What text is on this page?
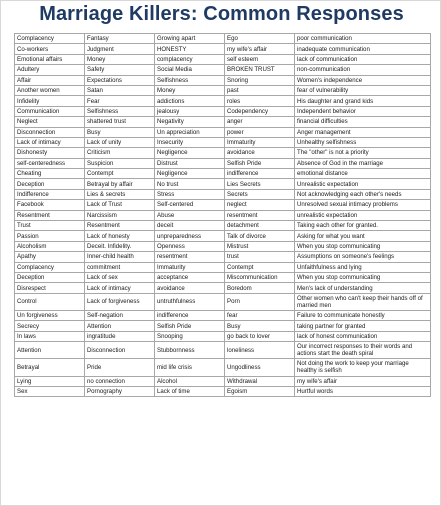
Marriage Killers: Common Responses
Complacency	Fantasy	Growing apart	Ego	poor communication
Co-workers	Judgment	HONESTY	my wife's affair	inadequate communication
Emotional affairs	Money	complacency	self esteem	lack of communication
Adultery	Safety	Social Media	BROKEN TRUST	non-communication
Affair	Expectations	Selfishness	Snoring	Women's independence
Another women	Satan	Money	past	fear of vulnerability
Infidelity	Fear	addictions	roles	His daughter and grand kids
Communication	Selfishness	jealousy	Codependency	Independent behavior
Neglect	shattered trust	Negativity	anger	financial difficulties
Disconnection	Busy	Un appreciation	power	Anger management
Lack of intimacy	Lack of unity	Insecurity	Immaturity	Unhealthy selfishness
Dishonesty	Criticism	Negligence	avoidance	The "other" is not a priority
self-centeredness	Suspicion	Distrust	Selfish Pride	Absence of God in the marriage
Cheating	Contempt	Negligence	indifference	emotional distance
Deception	Betrayal by affair	No trust	Lies Secrets	Unrealistic expectation
Indifference	Lies & secrets	Stress	Secrets	Not acknowledging each other's needs
Facebook	Lack of Trust	Self-centered	neglect	Unresolved sexual intimacy problems
Resentment	Narcissism	Abuse	resentment	unrealistic expectation
Trust	Resentment	deceit	detachment	Taking each other for granted.
Passion	Lack of honesty	unpreparedness	Talk of divorce	Asking for what you want
Alcoholism	Deceit. Infidelity.	Openness	Mistrust	When you stop communicating
Apathy	Inner-child health	resentment	trust	Assumptions on someone's feelings
Complacency	commitment	Immaturity	Contempt	Unfaithfulness and lying
Deception	Lack of sex	acceptance	Miscommunication	When you stop communicating
Disrespect	Lack of intimacy	avoidance	Boredom	Men's lack of understanding
Control	Lack of forgiveness	untruthfulness	Porn	Other women who can't keep their hands off of married men
Un forgiveness	Self-negation	indifference	fear	Failure to communicate honestly
Secrecy	Attention	Selfish Pride	Busy	taking partner for granted
In laws	ingratitude	Snooping	go back to lover	lack of honest communication
Attention	Disconnection	Stubbornness	loneliness	Our incorrect responses to their words and actions start the death spiral
Betrayal	Pride	mid life crisis	Ungodliness	Not doing the work to keep your marriage healthy is selfish
Lying	no connection	Alcohol	Withdrawal	my wife's affair
Sex	Pornography	Lack of time	Egoism	Hurtful words
